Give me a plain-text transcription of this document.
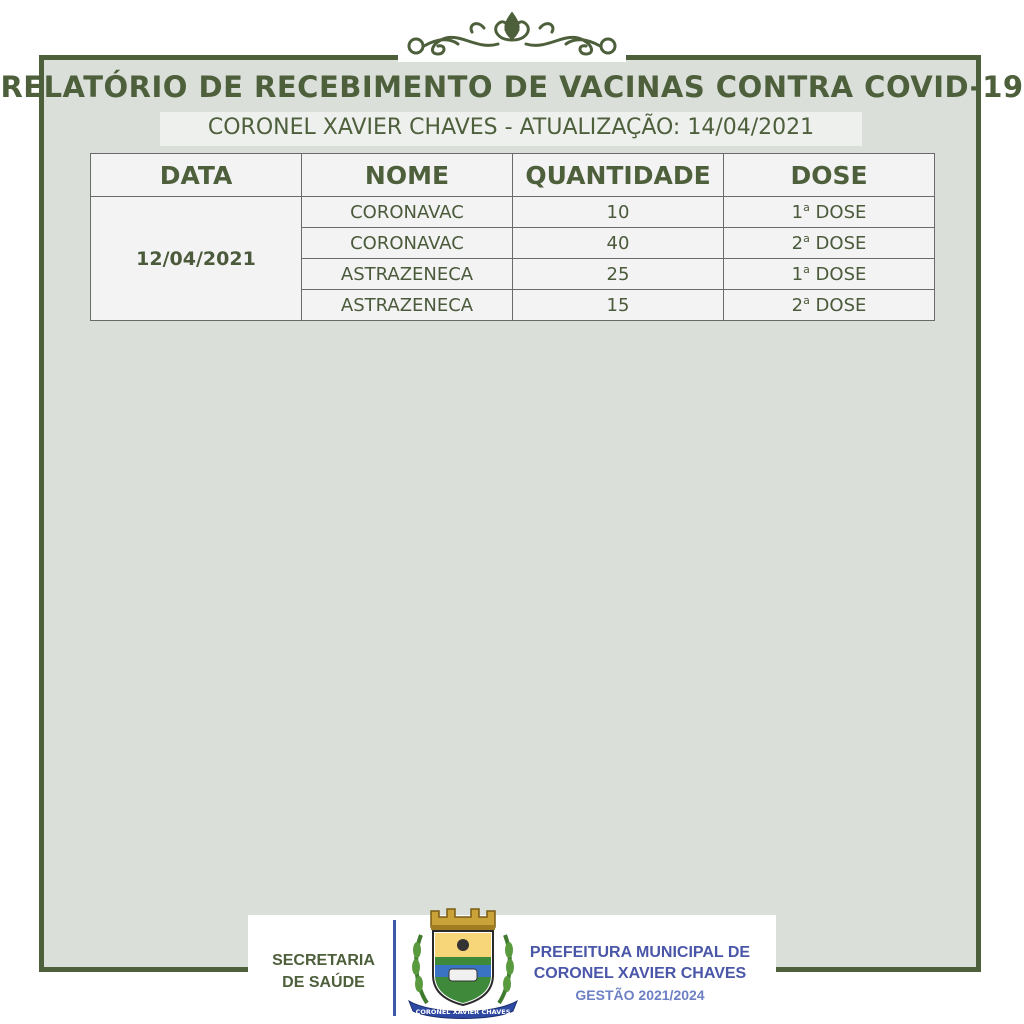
RELATÓRIO DE RECEBIMENTO DE VACINAS CONTRA COVID-19
CORONEL XAVIER CHAVES - ATUALIZAÇÃO: 14/04/2021
DATA	NOME	QUANTIDADE	DOSE
12/04/2021	CORONAVAC	10	1$^a$ DOSE
	CORONAVAC	40	2$^a$ DOSE
	ASTRAZENECA	25	1$^a$ DOSE
	ASTRAZENECA	15	2$^a$ DOSE
SECRETARIA
DE SAÚDE
CORONEL XAVIER CHAVES
PREFEITURA MUNICIPAL DE
CORONEL XAVIER CHAVES
GESTÃO 2021/2024
